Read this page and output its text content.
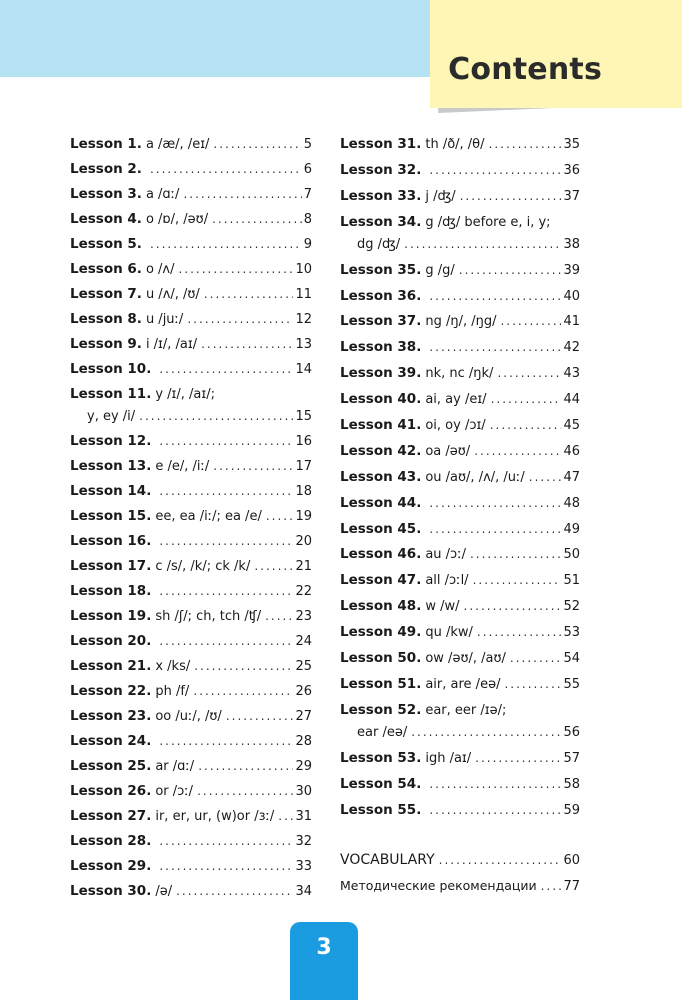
Contents
Lesson 1. a /æ/, /eɪ/ .....	5
Lesson 2. .....	6
Lesson 3. a /ɑː/ .....	7
Lesson 4. o /ɒ/, /əʊ/ .....	8
Lesson 5. .....	9
Lesson 6. o /ʌ/ .....	10
Lesson 7. u /ʌ/, /ʊ/ .....	11
Lesson 8. u /juː/ .....	12
Lesson 9. i /ɪ/, /aɪ/ .....	13
Lesson 10. .....	14
Lesson 11. y /ɪ/, /aɪ/;
y, ey /i/ .....	15
Lesson 12. .....	16
Lesson 13. e /e/, /iː/ .....	17
Lesson 14. .....	18
Lesson 15. ee, ea /iː/; ea /e/ .....	19
Lesson 16. .....	20
Lesson 17. c /s/, /k/; ck /k/ .....	21
Lesson 18. .....	22
Lesson 19. sh /ʃ/; ch, tch /ʧ/ .....	23
Lesson 20. .....	24
Lesson 21. x /ks/ .....	25
Lesson 22. ph /f/ .....	26
Lesson 23. oo /uː/, /ʊ/ .....	27
Lesson 24. .....	28
Lesson 25. ar /ɑː/ .....	29
Lesson 26. or /ɔː/ .....	30
Lesson 27. ir, er, ur, (w)or /ɜː/ ..... 31
Lesson 28. .....	32
Lesson 29. .....	33
Lesson 30. /ə/ .....	34
Lesson 31. th /ð/, /θ/ .....	35
Lesson 32. .....	36
Lesson 33. j /ʤ/ .....	37
Lesson 34. g /ʤ/ before e, i, y;
dg /ʤ/ .....	38
Lesson 35. g /g/ .....	39
Lesson 36. .....	40
Lesson 37. ng /ŋ/, /ŋg/ .....	41
Lesson 38. .....	42
Lesson 39. nk, nc /ŋk/ .....	43
Lesson 40. ai, ay /eɪ/ .....	44
Lesson 41. oi, oy /ɔɪ/ .....	45
Lesson 42. oa /əʊ/ .....	46
Lesson 43. ou /aʊ/, /ʌ/, /uː/ .....	47
Lesson 44. .....	48
Lesson 45. .....	49
Lesson 46. au /ɔː/ .....	50
Lesson 47. all /ɔːl/ .....	51
Lesson 48. w /w/ .....	52
Lesson 49. qu /kw/ .....	53
Lesson 50. ow /əʊ/, /aʊ/ .....	54
Lesson 51. air, are /eə/ .....	55
Lesson 52. ear, eer /ɪə/;
ear /eə/ .....	56
Lesson 53. igh /aɪ/ .....	57
Lesson 54. .....	58
Lesson 55. .....	59
VOCABULARY .....	60
Методические рекомендации ..... 77
3
